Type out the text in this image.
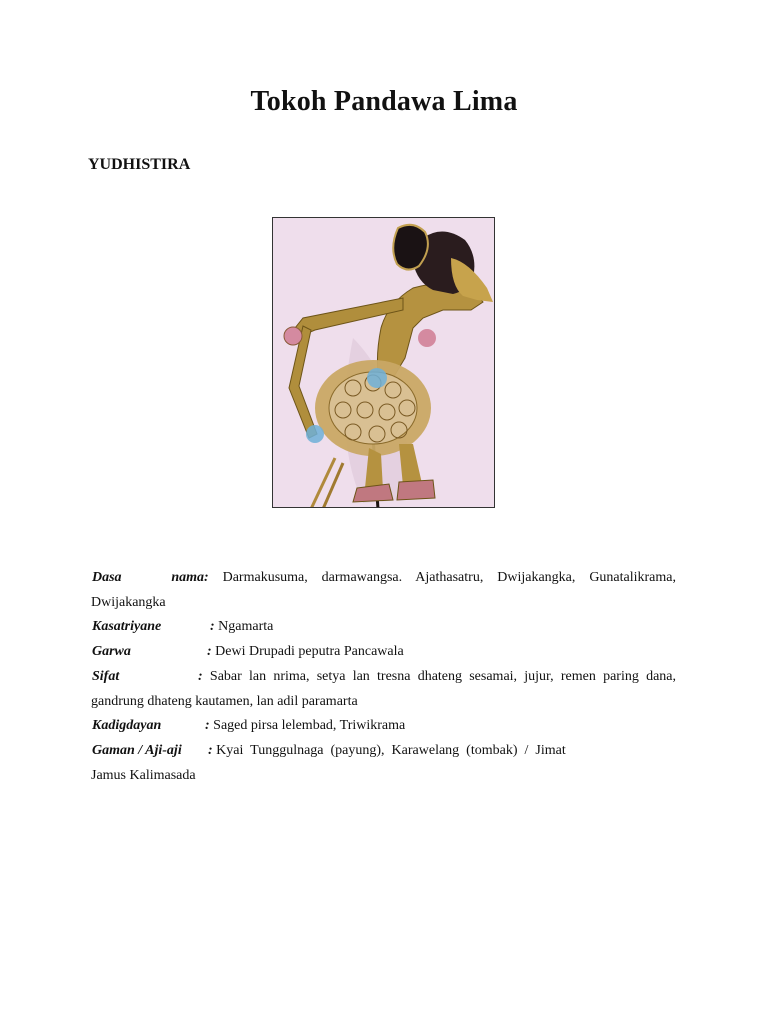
Tokoh Pandawa Lima
YUDHISTIRA
Dasa nama: Darmakusuma, darmawangsa. Ajathasatru, Dwijakangka, Gunatalikrama,
Dwijakangka
Kasatriyane	: Ngamarta
Garwa	: Dewi Drupadi peputra Pancawala
Sifat	: Sabar lan nrima, setya lan tresna dhateng sesamai, jujur, remen paring dana,
gandrung dhateng kautamen, lan adil paramarta
Kadigdayan	: Saged pirsa lelembad, Triwikrama
Gaman / Aji-aji : Kyai  Tunggulnaga  (payung),  Karawelang  (tombak)  /  Jimat
Jamus Kalimasada
